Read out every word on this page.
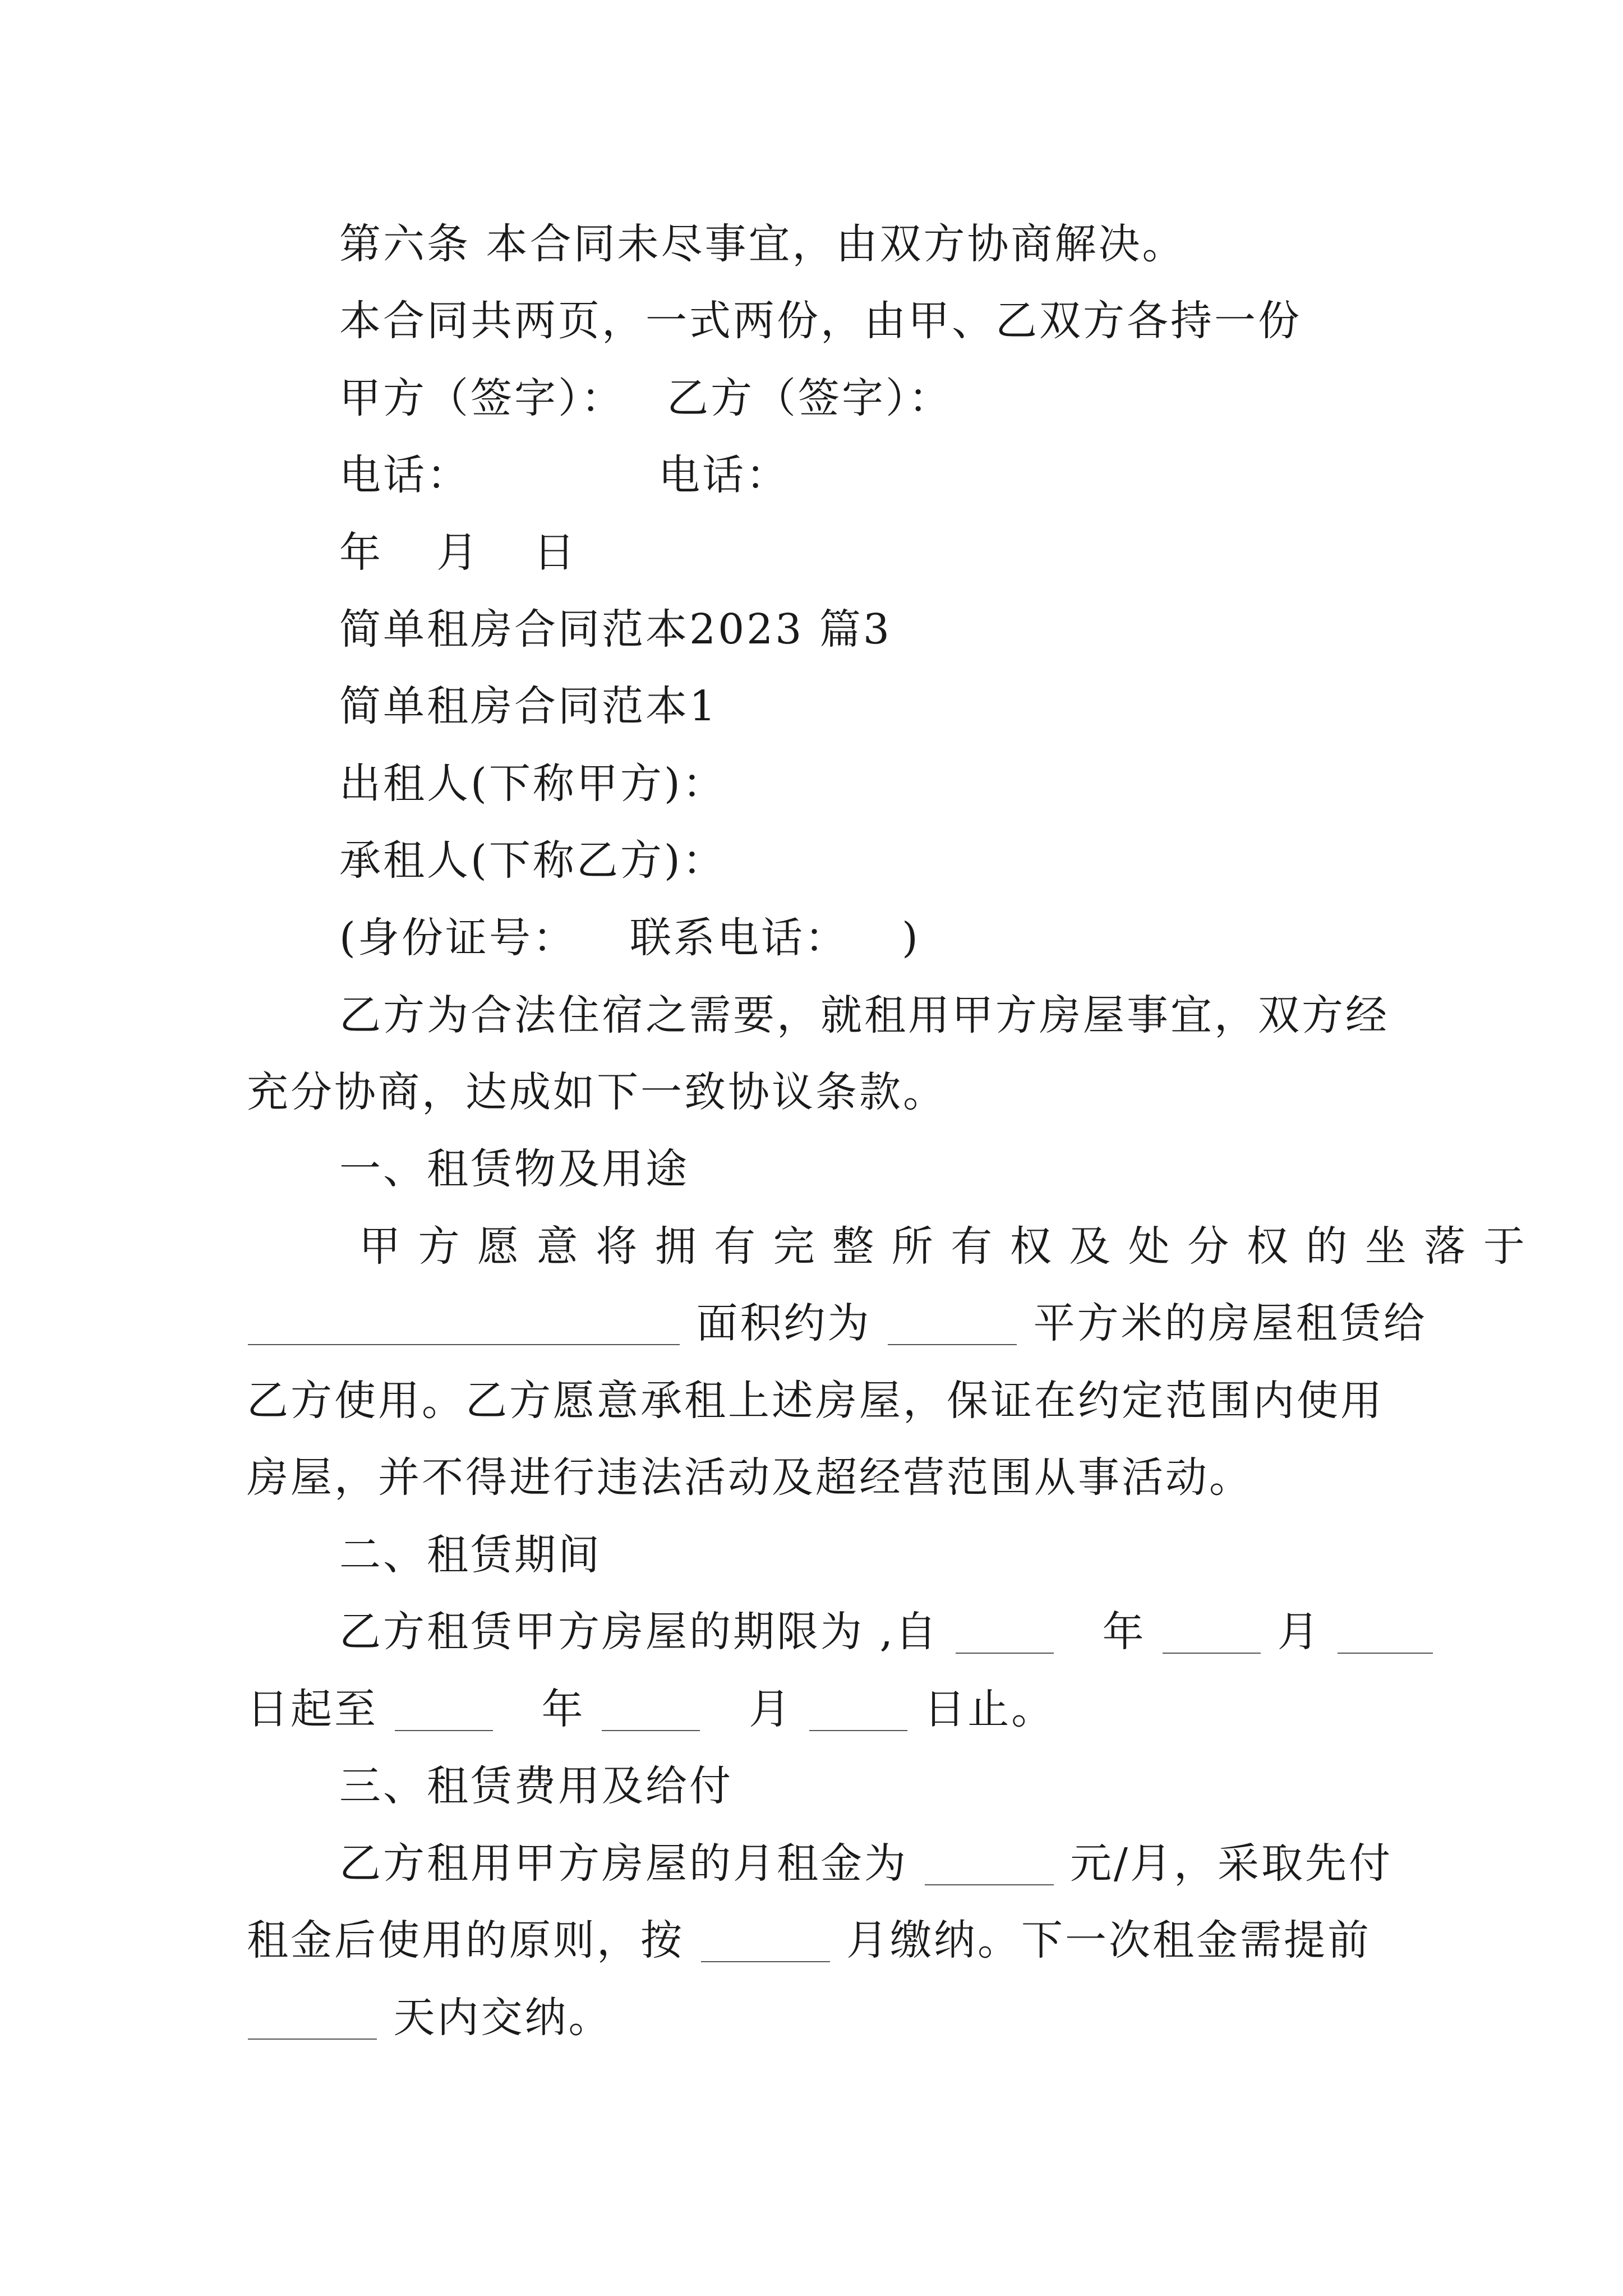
第六条 本合同未尽事宜，由双方协商解决。
本合同共两页，一式两份，由甲、乙双方各持一份
甲方（签字）： 乙方（签字）：
电话：	电话：
年 月 日
简单租房合同范本2023 篇3
简单租房合同范本1
出租人(下称甲方)：
承租人(下称乙方)：
(身份证号： 联系电话： )
乙方为合法住宿之需要，就租用甲方房屋事宜，双方经
充分协商，达成如下一致协议条款。
一、租赁物及用途
甲 方 愿 意 将 拥 有 完 整 所 有 权 及 处 分 权 的 坐 落 于
面积约为	平方米的房屋租赁给
乙方使用。乙方愿意承租上述房屋，保证在约定范围内使用
房屋，并不得进行违法活动及超经营范围从事活动。
二、租赁期间
乙方租赁甲方房屋的期限为 ,自	年	月
日起至	年	月	日止。
三、租赁费用及给付
乙方租用甲方房屋的月租金为	元/月，采取先付
租金后使用的原则，按	月缴纳。下一次租金需提前
天内交纳。
